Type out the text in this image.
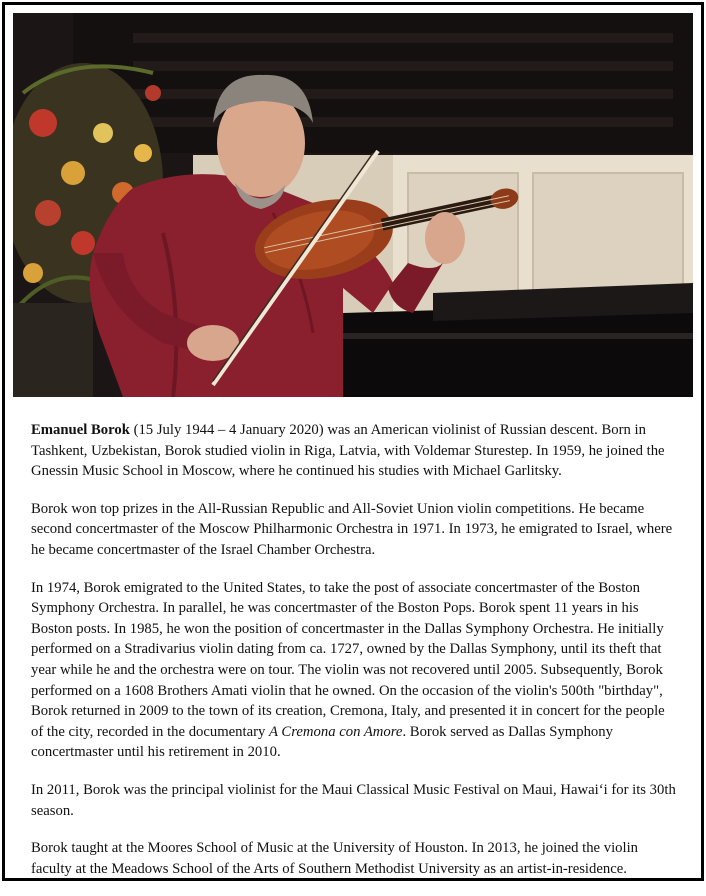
Emanuel Borok (15 July 1944 – 4 January 2020) was an American violinist of Russian descent. Born in Tashkent, Uzbekistan, Borok studied violin in Riga, Latvia, with Voldemar Sturestep. In 1959, he joined the Gnessin Music School in Moscow, where he continued his studies with Michael Garlitsky.

Borok won top prizes in the All-Russian Republic and All-Soviet Union violin competitions. He became second concertmaster of the Moscow Philharmonic Orchestra in 1971. In 1973, he emigrated to Israel, where he became concertmaster of the Israel Chamber Orchestra.

In 1974, Borok emigrated to the United States, to take the post of associate concertmaster of the Boston Symphony Orchestra. In parallel, he was concertmaster of the Boston Pops. Borok spent 11 years in his Boston posts. In 1985, he won the position of concertmaster in the Dallas Symphony Orchestra. He initially performed on a Stradivarius violin dating from ca. 1727, owned by the Dallas Symphony, until its theft that year while he and the orchestra were on tour. The violin was not recovered until 2005. Subsequently, Borok performed on a 1608 Brothers Amati violin that he owned. On the occasion of the violin's 500th "birthday", Borok returned in 2009 to the town of its creation, Cremona, Italy, and presented it in concert for the people of the city, recorded in the documentary A Cremona con Amore. Borok served as Dallas Symphony concertmaster until his retirement in 2010.

In 2011, Borok was the principal violinist for the Maui Classical Music Festival on Maui, Hawaiʻi for its 30th season.

Borok taught at the Moores School of Music at the University of Houston. In 2013, he joined the violin faculty at the Meadows School of the Arts of Southern Methodist University as an artist-in-residence.
